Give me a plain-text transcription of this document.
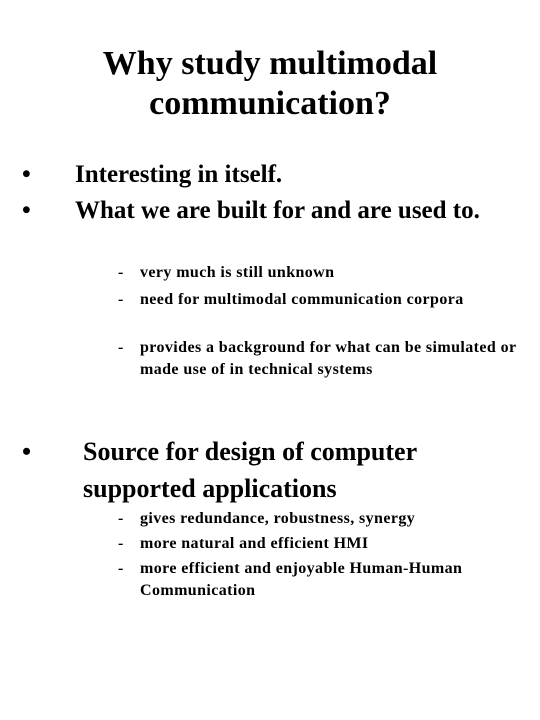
Why study multimodal
communication?
• Interesting in itself.
• What we are built for and are used to.
- very much is still unknown
- need for multimodal communication corpora
- provides a background for what can be simulated or made use of in technical systems
• Source for design of computer supported applications
- gives redundance, robustness, synergy
- more natural and efficient HMI
- more efficient and enjoyable Human-Human Communication
